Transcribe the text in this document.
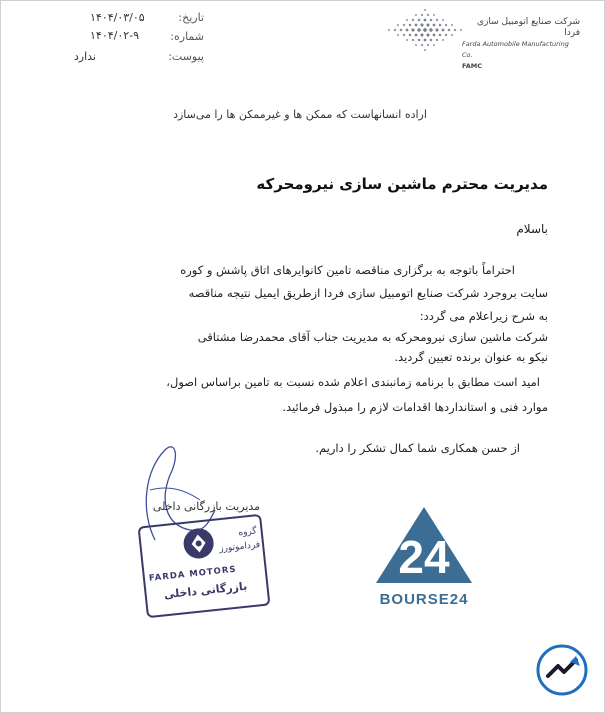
شرکت صنایع اتومبیل سازی فردا
Farda Automobile Manufacturing Co.
FAMC
تاریخ:
۱۴۰۴/۰۳/۰۵
شماره:
۱۴۰۴/۰۲-۹
پیوست:
ندارد
اراده انسانهاست که ممکن ها و غیرممکن ها را می‌سازد
مدیریت محترم ماشین سازی نیرومحرکه
باسلام
احتراماً باتوجه به برگزاری مناقصه تامین کانوایرهای اتاق پاشش و کوره
سایت بروجرد شرکت صنایع اتومبیل سازی فردا ازطریق ایمیل نتیجه مناقصه
به شرح زیراعلام می گردد:
شرکت ماشین سازی نیرومحرکه به مدیریت جناب آقای محمدرضا مشتاقی
نیکو به عنوان برنده تعیین گردید.
امید است مطابق با برنامه زمانبندی اعلام شده نسبت به تامین براساس اصول،
موارد فنی و استانداردها اقدامات لازم را مبذول فرمائید.
از حسن همکاری شما کمال تشکر را داریم.
مدیریت بازرگانی داخلی
گروه
فرداموتورز
FARDA MOTORS
بازرگانی داخلی
24
BOURSE24
